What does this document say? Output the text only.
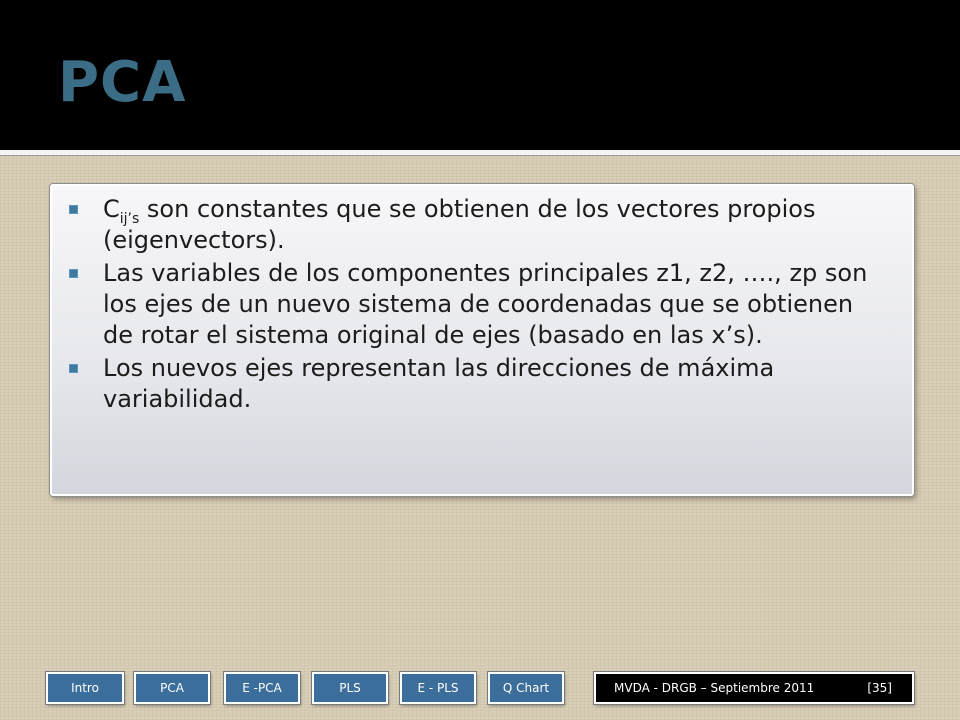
PCA
$C_{ij’s}$ son constantes que se obtienen de los vectores propios (eigenvectors).
Las variables de los componentes principales z1, z2, …., zp son los ejes de un nuevo sistema de coordenadas que se obtienen de rotar el sistema original de ejes (basado en las x’s).
Los nuevos ejes representan las direcciones de máxima variabilidad.
Intro	PCA	E -PCA	PLS	E - PLS	Q Chart	MVDA - DRGB – Septiembre 2011	[35]
